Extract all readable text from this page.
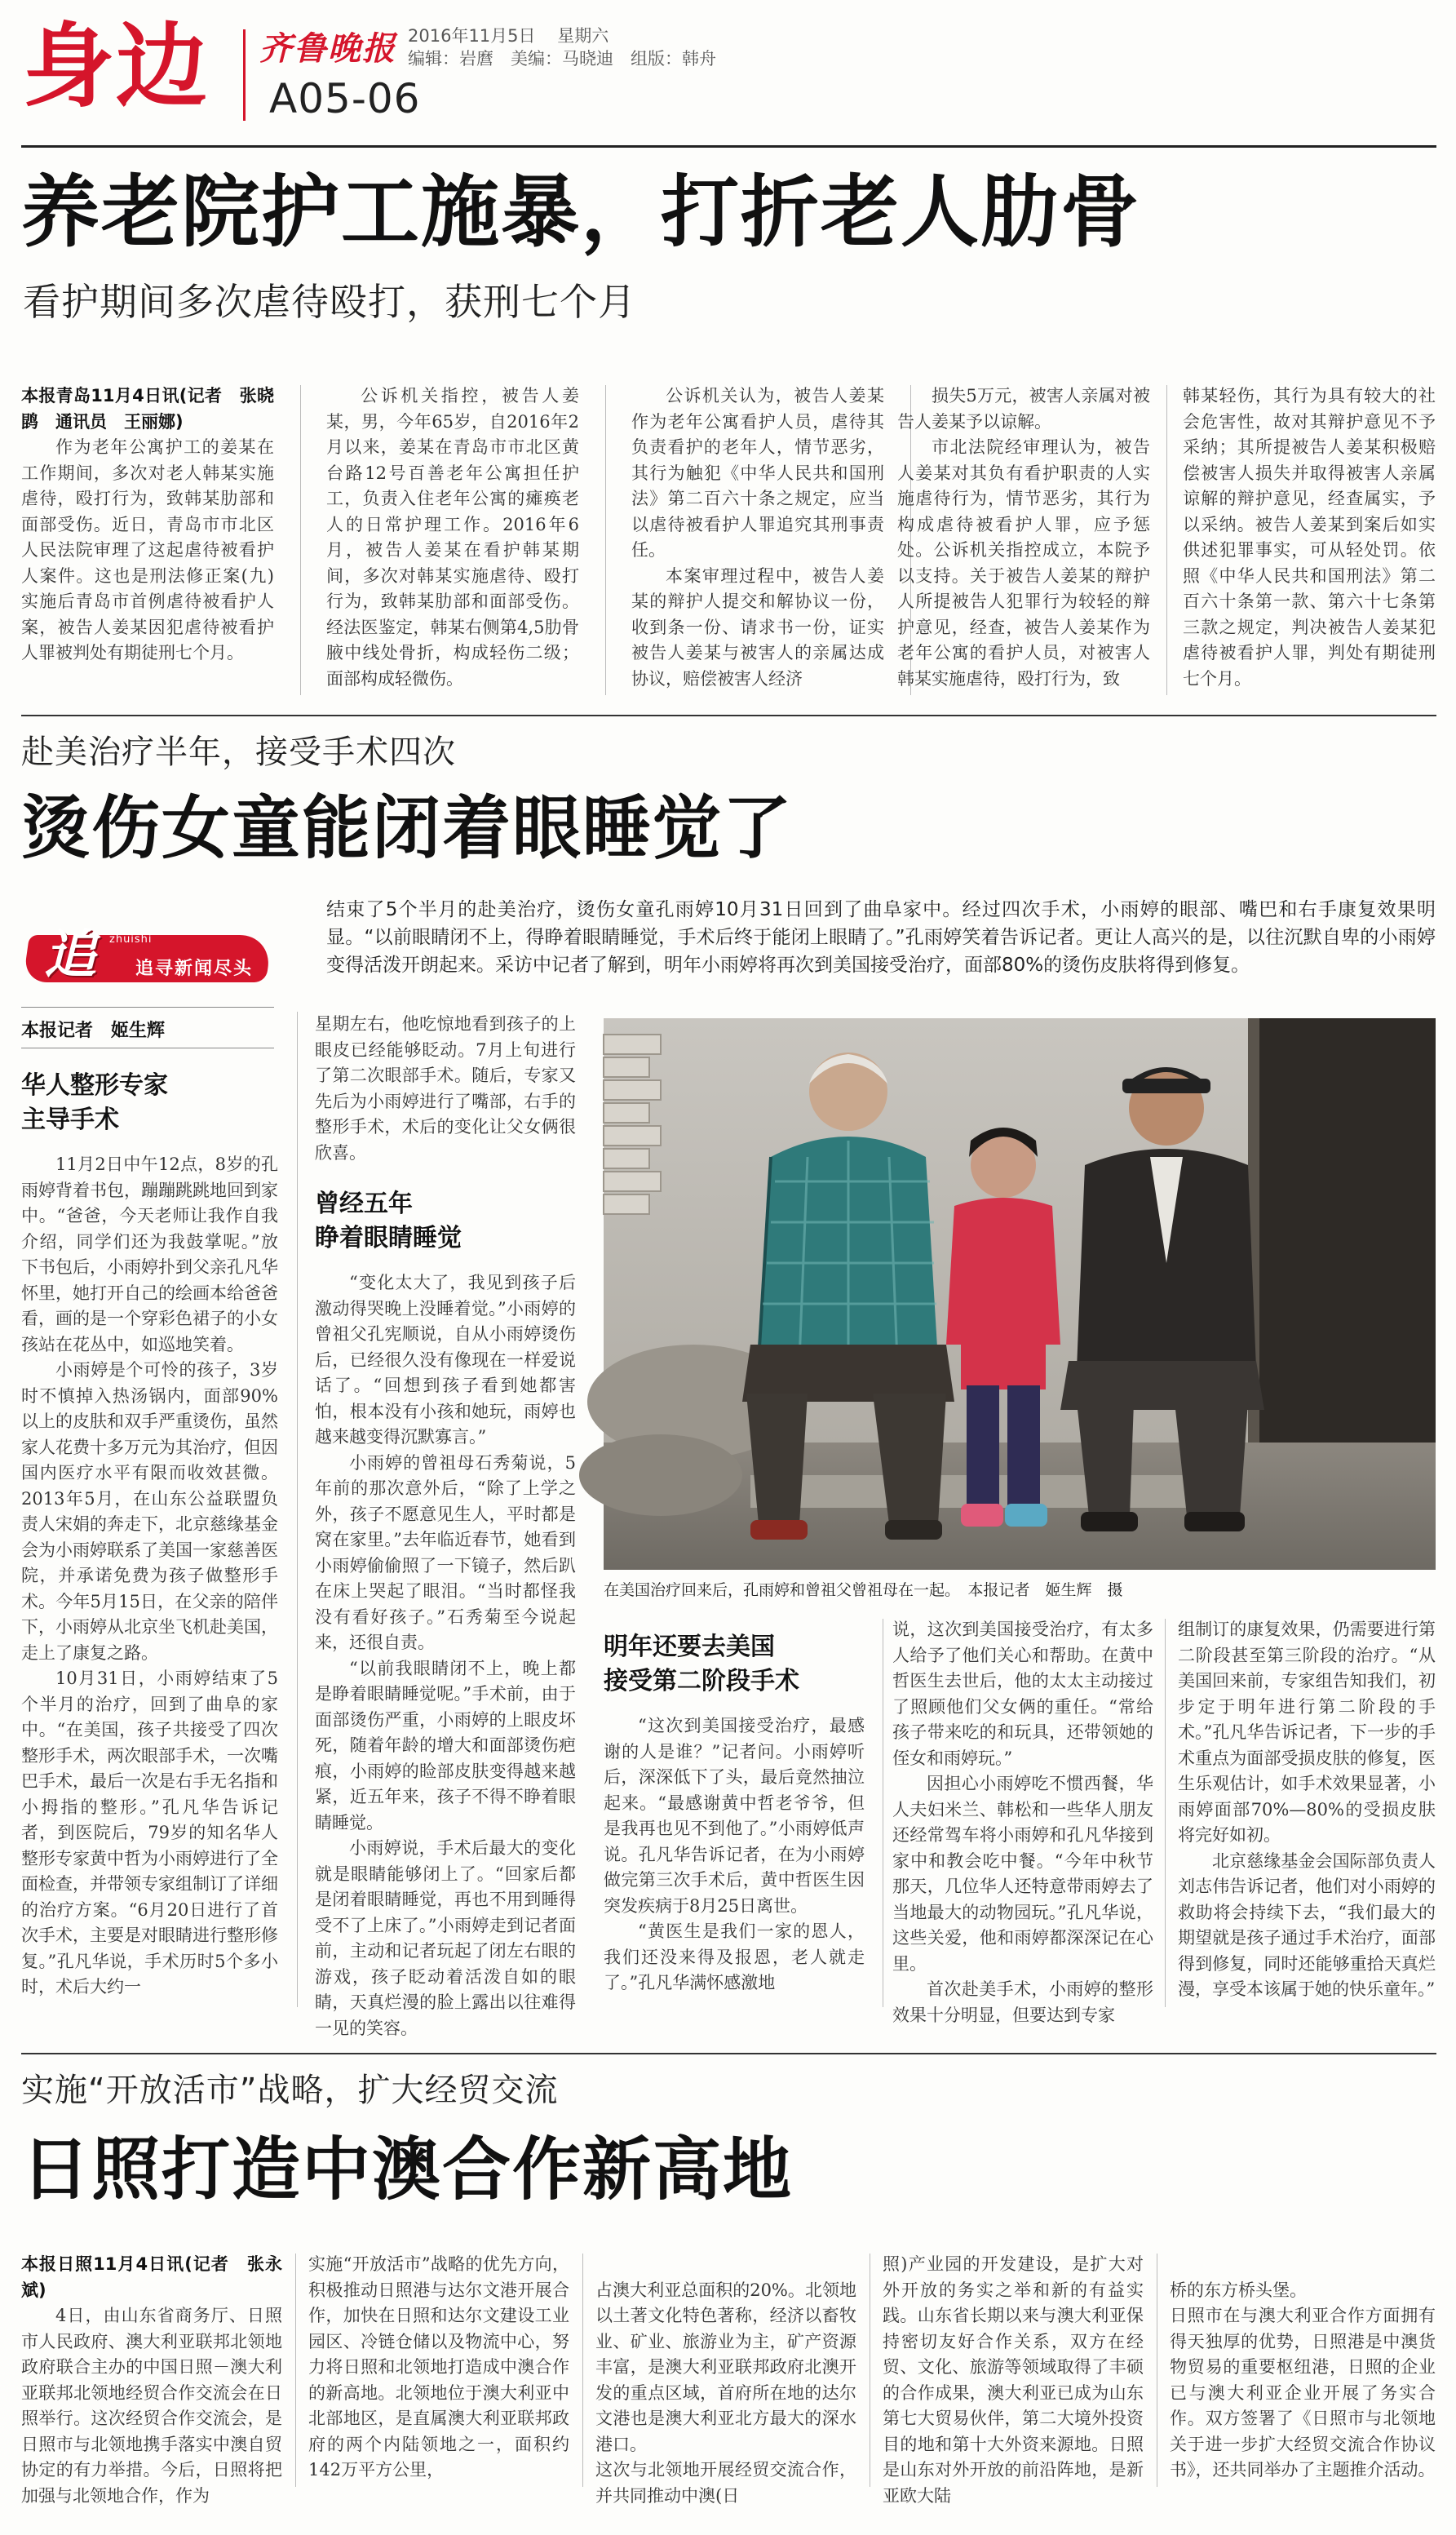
身边 齐鲁晚报
A05-06
2016年11月5日 星期六
编辑：岩麿　美编：马晓迪　组版：韩舟
养老院护工施暴，打折老人肋骨
看护期间多次虐待殴打，获刑七个月

本报青岛11月4日讯(记者　张晓鹍　通讯员　王丽娜)

作为老年公寓护工的姜某在工作期间，多次对老人韩某实施虐待，殴打行为，致韩某肋部和面部受伤。近日，青岛市市北区人民法院审理了这起虐待被看护人案件。这也是刑法修正案(九)实施后青岛市首例虐待被看护人案，被告人姜某因犯虐待被看护人罪被判处有期徒刑七个月。

公诉机关指控，被告人姜某，男，今年65岁，自2016年2月以来，姜某在青岛市市北区黄台路12号百善老年公寓担任护工，负责入住老年公寓的瘫痪老人的日常护理工作。2016年6月，被告人姜某在看护韩某期间，多次对韩某实施虐待、殴打行为，致韩某肋部和面部受伤。经法医鉴定，韩某右侧第4,5肋骨腋中线处骨折，构成轻伤二级；面部构成轻微伤。

公诉机关认为，被告人姜某作为老年公寓看护人员，虐待其负责看护的老年人，情节恶劣，其行为触犯《中华人民共和国刑法》第二百六十条之规定，应当以虐待被看护人罪追究其刑事责任。

本案审理过程中，被告人姜某的辩护人提交和解协议一份，收到条一份、请求书一份，证实被告人姜某与被害人的亲属达成协议，赔偿被害人经济

损失5万元，被害人亲属对被告人姜某予以谅解。

市北法院经审理认为，被告人姜某对其负有看护职责的人实施虐待行为，情节恶劣，其行为构成虐待被看护人罪，应予惩处。公诉机关指控成立，本院予以支持。关于被告人姜某的辩护人所提被告人犯罪行为较轻的辩护意见，经查，被告人姜某作为老年公寓的看护人员，对被害人韩某实施虐待，殴打行为，致

韩某轻伤，其行为具有较大的社会危害性，故对其辩护意见不予采纳；其所提被告人姜某积极赔偿被害人损失并取得被害人亲属谅解的辩护意见，经查属实，予以采纳。被告人姜某到案后如实供述犯罪事实，可从轻处罚。依照《中华人民共和国刑法》第二百六十条第一款、第六十七条第三款之规定，判决被告人姜某犯虐待被看护人罪，判处有期徒刑七个月。

赴美治疗半年，接受手术四次
烫伤女童能闭着眼睡觉了
追 zhuishi
追寻新闻尽头
结束了5个半月的赴美治疗，烫伤女童孔雨婷10月31日回到了曲阜家中。经过四次手术，小雨婷的眼部、嘴巴和右手康复效果明显。“以前眼睛闭不上，得睁着眼睛睡觉，手术后终于能闭上眼睛了。”孔雨婷笑着告诉记者。更让人高兴的是，以往沉默自卑的小雨婷变得活泼开朗起来。采访中记者了解到，明年小雨婷将再次到美国接受治疗，面部80%的烫伤皮肤将得到修复。
本报记者　姬生辉
华人整形专家
主导手术

11月2日中午12点，8岁的孔雨婷背着书包，蹦蹦跳跳地回到家中。“爸爸，今天老师让我作自我介绍，同学们还为我鼓掌呢。”放下书包后，小雨婷扑到父亲孔凡华怀里，她打开自己的绘画本给爸爸看，画的是一个穿彩色裙子的小女孩站在花丛中，如巡地笑着。

小雨婷是个可怜的孩子，3岁时不慎掉入热汤锅内，面部90%以上的皮肤和双手严重烫伤，虽然家人花费十多万元为其治疗，但因国内医疗水平有限而收效甚微。2013年5月，在山东公益联盟负责人宋娟的奔走下，北京慈缘基金会为小雨婷联系了美国一家慈善医院，并承诺免费为孩子做整形手术。今年5月15日，在父亲的陪伴下，小雨婷从北京坐飞机赴美国，走上了康复之路。

10月31日，小雨婷结束了5个半月的治疗，回到了曲阜的家中。“在美国，孩子共接受了四次整形手术，两次眼部手术，一次嘴巴手术，最后一次是右手无名指和小拇指的整形。”孔凡华告诉记者，到医院后，79岁的知名华人整形专家黄中哲为小雨婷进行了全面检查，并带领专家组制订了详细的治疗方案。“6月20日进行了首次手术，主要是对眼睛进行整形修复。”孔凡华说，手术历时5个多小时，术后大约一

星期左右，他吃惊地看到孩子的上眼皮已经能够眨动。7月上旬进行了第二次眼部手术。随后，专家又先后为小雨婷进行了嘴部，右手的整形手术，术后的变化让父女俩很欣喜。

曾经五年
睁着眼睛睡觉

“变化太大了，我见到孩子后激动得哭晚上没睡着觉。”小雨婷的曾祖父孔宪顺说，自从小雨婷烫伤后，已经很久没有像现在一样爱说话了。“回想到孩子看到她都害怕，根本没有小孩和她玩，雨婷也越来越变得沉默寡言。”

小雨婷的曾祖母石秀菊说，5年前的那次意外后，“除了上学之外，孩子不愿意见生人，平时都是窝在家里。”去年临近春节，她看到小雨婷偷偷照了一下镜子，然后趴在床上哭起了眼泪。“当时都怪我没有看好孩子。”石秀菊至今说起来，还很自责。

“以前我眼睛闭不上，晚上都是睁着眼睛睡觉呢。”手术前，由于面部烫伤严重，小雨婷的上眼皮坏死，随着年龄的增大和面部烫伤疤痕，小雨婷的睑部皮肤变得越来越紧，近五年来，孩子不得不睁着眼睛睡觉。

小雨婷说，手术后最大的变化就是眼睛能够闭上了。“回家后都是闭着眼睛睡觉，再也不用到睡得受不了上床了。”小雨婷走到记者面前，主动和记者玩起了闭左右眼的游戏，孩子眨动着活泼自如的眼睛，天真烂漫的脸上露出以往难得一见的笑容。

在美国治疗回来后，孔雨婷和曾祖父曾祖母在一起。　本报记者　姬生辉　摄
明年还要去美国
接受第二阶段手术

“这次到美国接受治疗，最感谢的人是谁？”记者问。小雨婷听后，深深低下了头，最后竟然抽泣起来。“最感谢黄中哲老爷爷，但是我再也见不到他了。”小雨婷低声说。孔凡华告诉记者，在为小雨婷做完第三次手术后，黄中哲医生因突发疾病于8月25日离世。

“黄医生是我们一家的恩人，我们还没来得及报恩，老人就走了。”孔凡华满怀感激地

说，这次到美国接受治疗，有太多人给予了他们关心和帮助。在黄中哲医生去世后，他的太太主动接过了照顾他们父女俩的重任。“常给孩子带来吃的和玩具，还带领她的侄女和雨婷玩。”

因担心小雨婷吃不惯西餐，华人夫妇米兰、韩松和一些华人朋友还经常驾车将小雨婷和孔凡华接到家中和教会吃中餐。“今年中秋节那天，几位华人还特意带雨婷去了当地最大的动物园玩。”孔凡华说，这些关爱，他和雨婷都深深记在心里。

首次赴美手术，小雨婷的整形效果十分明显，但要达到专家

组制订的康复效果，仍需要进行第二阶段甚至第三阶段的治疗。“从美国回来前，专家组告知我们，初步定于明年进行第二阶段的手术。”孔凡华告诉记者，下一步的手术重点为面部受损皮肤的修复，医生乐观估计，如手术效果显著，小雨婷面部70%—80%的受损皮肤将完好如初。

北京慈缘基金会国际部负责人刘志伟告诉记者，他们对小雨婷的救助将会持续下去，“我们最大的期望就是孩子通过手术治疗，面部得到修复，同时还能够重拾天真烂漫，享受本该属于她的快乐童年。”

实施“开放活市”战略，扩大经贸交流
日照打造中澳合作新高地

本报日照11月4日讯(记者　张永斌)

4日，由山东省商务厅、日照市人民政府、澳大利亚联邦北领地政府联合主办的中国日照－澳大利亚联邦北领地经贸合作交流会在日照举行。这次经贸合作交流会，是日照市与北领地携手落实中澳自贸协定的有力举措。今后，日照将把加强与北领地合作，作为

实施“开放活市”战略的优先方向，积极推动日照港与达尔文港开展合作，加快在日照和达尔文建设工业园区、冷链仓储以及物流中心，努力将日照和北领地打造成中澳合作的新高地。北领地位于澳大利亚中北部地区，是直属澳大利亚联邦政府的两个内陆领地之一，面积约142万平方公里，

占澳大利亚总面积的20%。北领地以土著文化特色著称，经济以畜牧业、矿业、旅游业为主，矿产资源丰富，是澳大利亚联邦政府北澳开发的重点区域，首府所在地的达尔文港也是澳大利亚北方最大的深水港口。
这次与北领地开展经贸交流合作，并共同推动中澳(日

照)产业园的开发建设，是扩大对外开放的务实之举和新的有益实践。山东省长期以来与澳大利亚保持密切友好合作关系，双方在经贸、文化、旅游等领域取得了丰硕的合作成果，澳大利亚已成为山东第七大贸易伙伴，第二大境外投资目的地和第十大外资来源地。日照是山东对外开放的前沿阵地，是新亚欧大陆

桥的东方桥头堡。
日照市在与澳大利亚合作方面拥有得天独厚的优势，日照港是中澳货物贸易的重要枢纽港，日照的企业已与澳大利亚企业开展了务实合作。双方签署了《日照市与北领地关于进一步扩大经贸交流合作协议书》，还共同举办了主题推介活动。
